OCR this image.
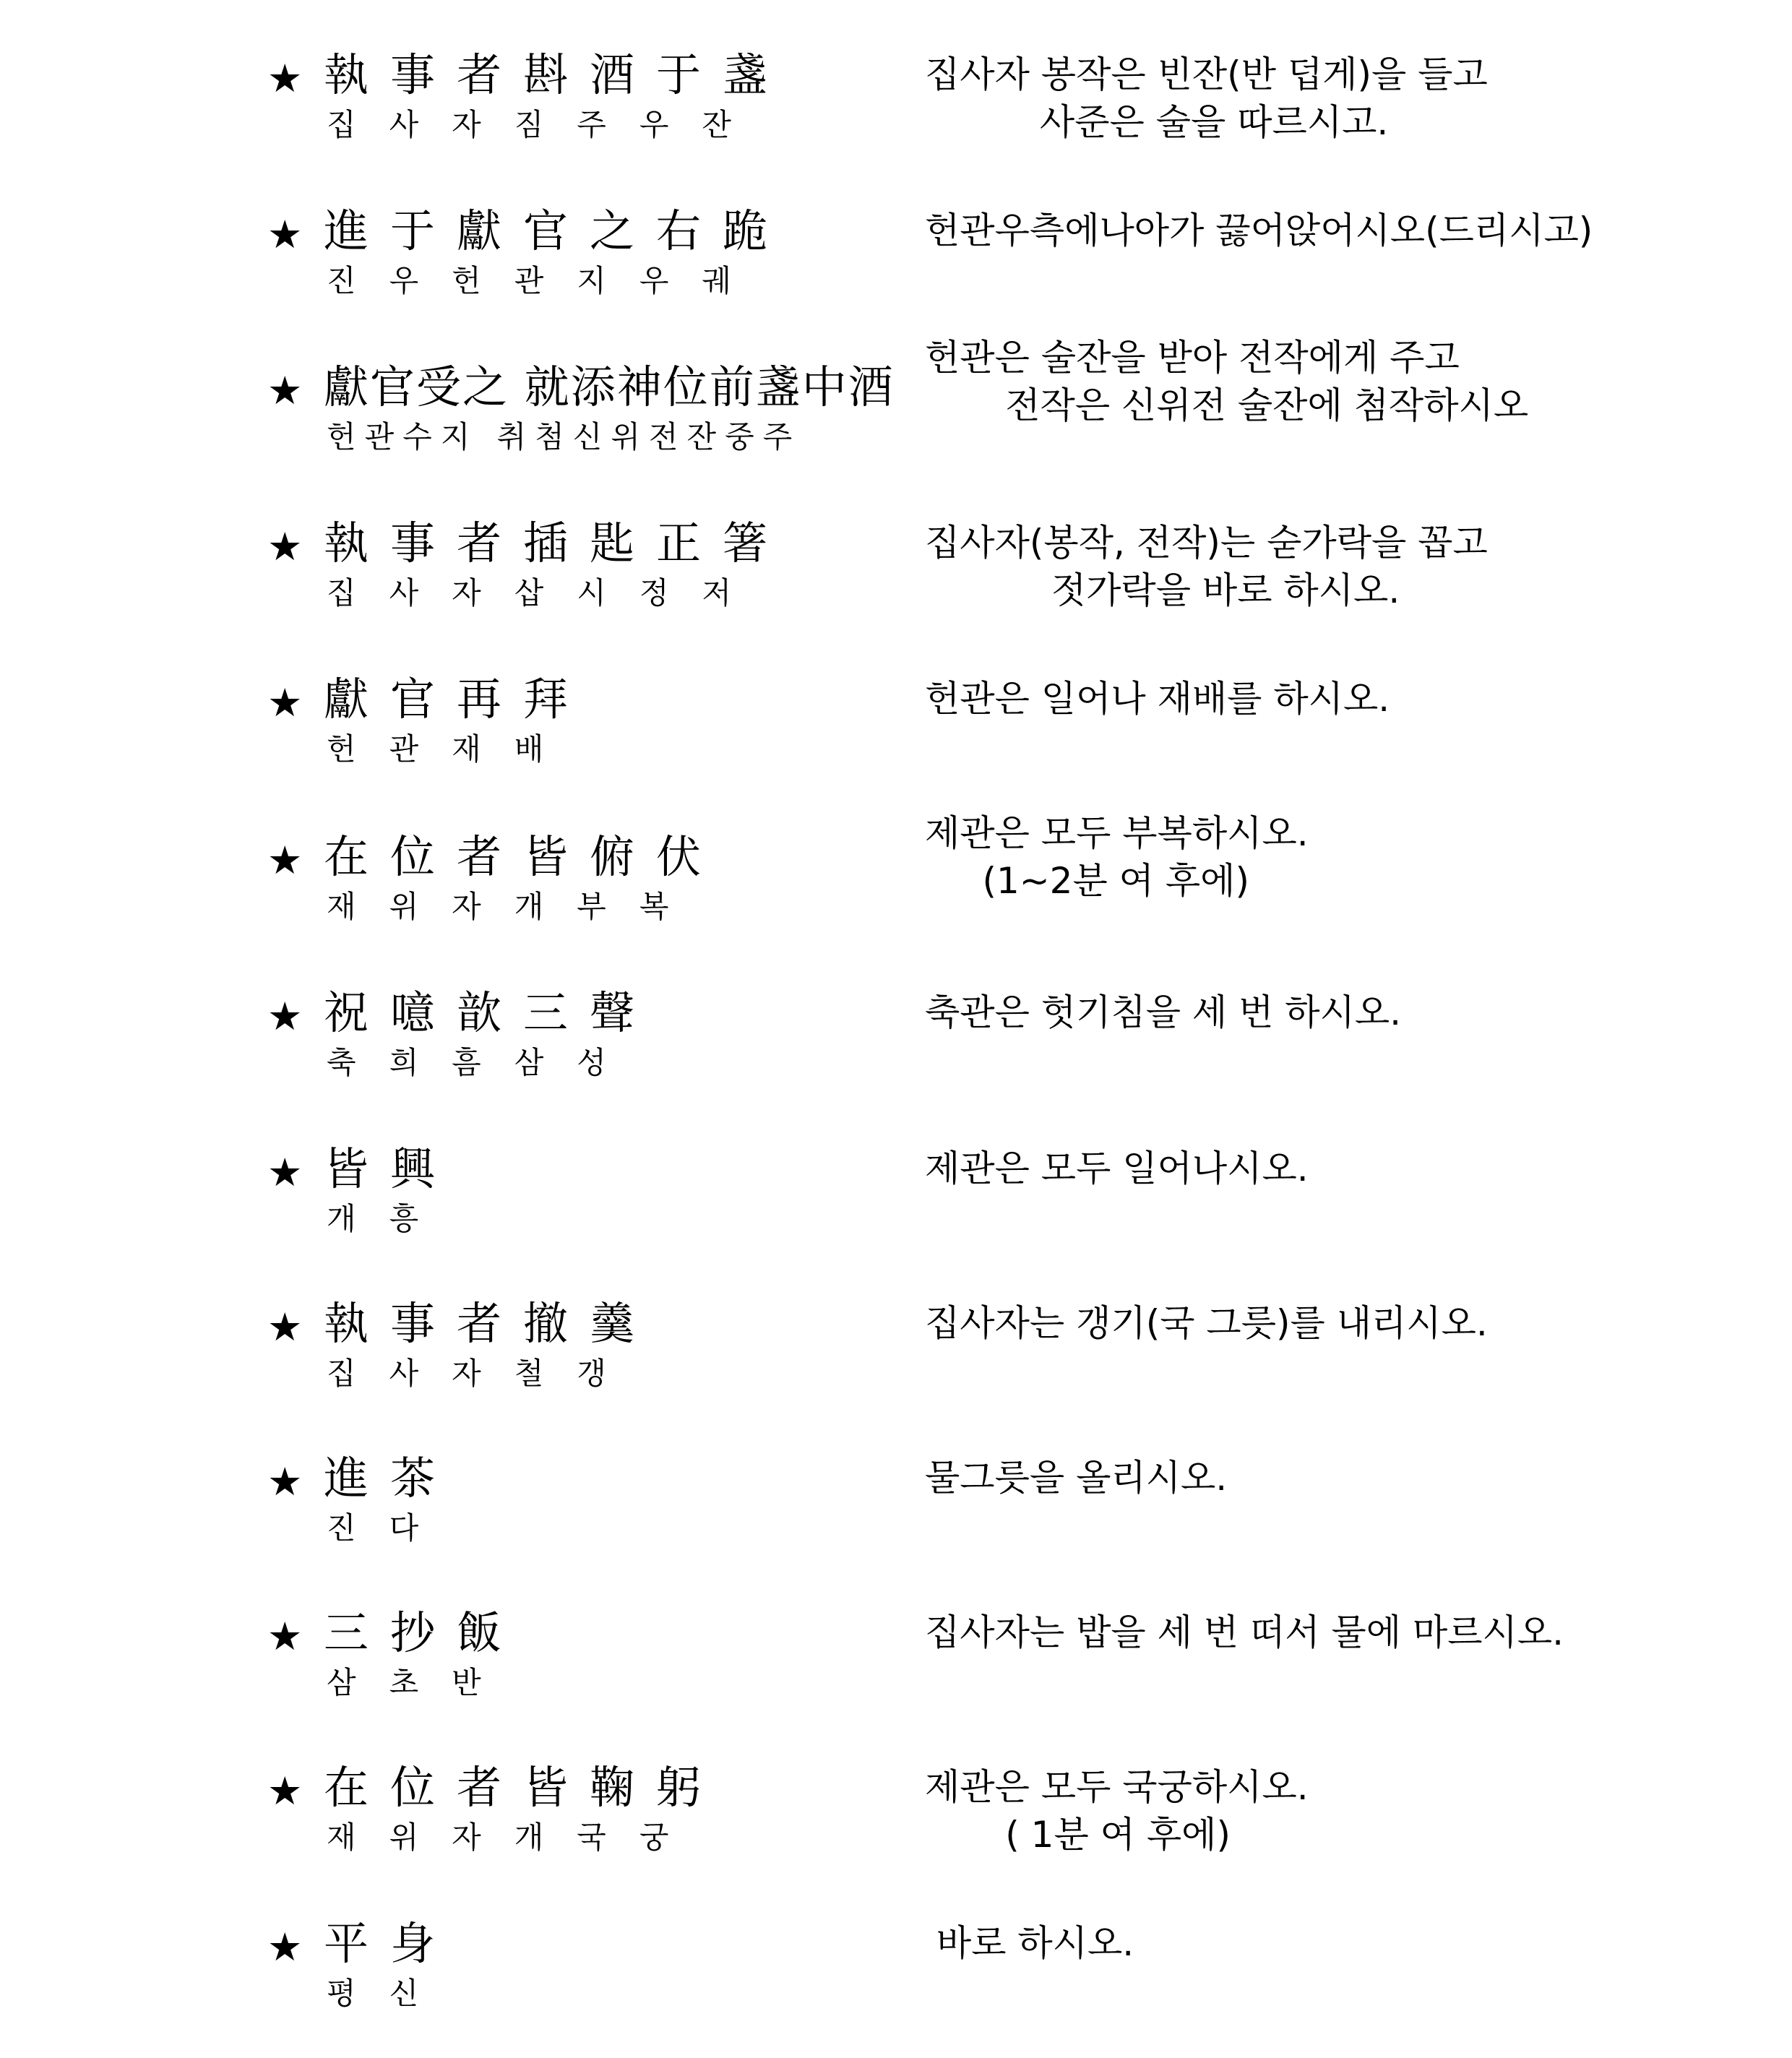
★ 執事者斟酒于盞
집사자짐주우잔
집사자 봉작은 빈잔(반 덥게)을 들고
사준은 술을 따르시고.
★ 進于獻官之右跪
진우헌관지우궤
헌관우측에나아가 끓어앉어시오(드리시고)
★ 獻官受之 就添神位前盞中酒
헌관수지 취첨신위전잔중주
헌관은 술잔을 받아 전작에게 주고
전작은 신위전 술잔에 첨작하시오
★ 執事者插匙正箸
집사자삽시정저
집사자(봉작, 전작)는 숟가락을 꼽고
젓가락을 바로 하시오.
★ 獻官再拜
헌관재배
헌관은 일어나 재배를 하시오.
★ 在位者皆俯伏
재위자개부복
제관은 모두 부복하시오.
(1~2분 여 후에)
★ 祝噫歆三聲
축희흠삼성
축관은 헛기침을 세 번 하시오.
★ 皆興
개흥
제관은 모두 일어나시오.
★ 執事者撤羹
집사자철갱
집사자는 갱기(국 그릇)를 내리시오.
★ 進茶
진다
물그릇을 올리시오.
★ 三抄飯
삼초반
집사자는 밥을 세 번 떠서 물에 마르시오.
★ 在位者皆鞠躬
재위자개국궁
제관은 모두 국궁하시오.
( 1분 여 후에)
★ 平身
평신
바로 하시오.
